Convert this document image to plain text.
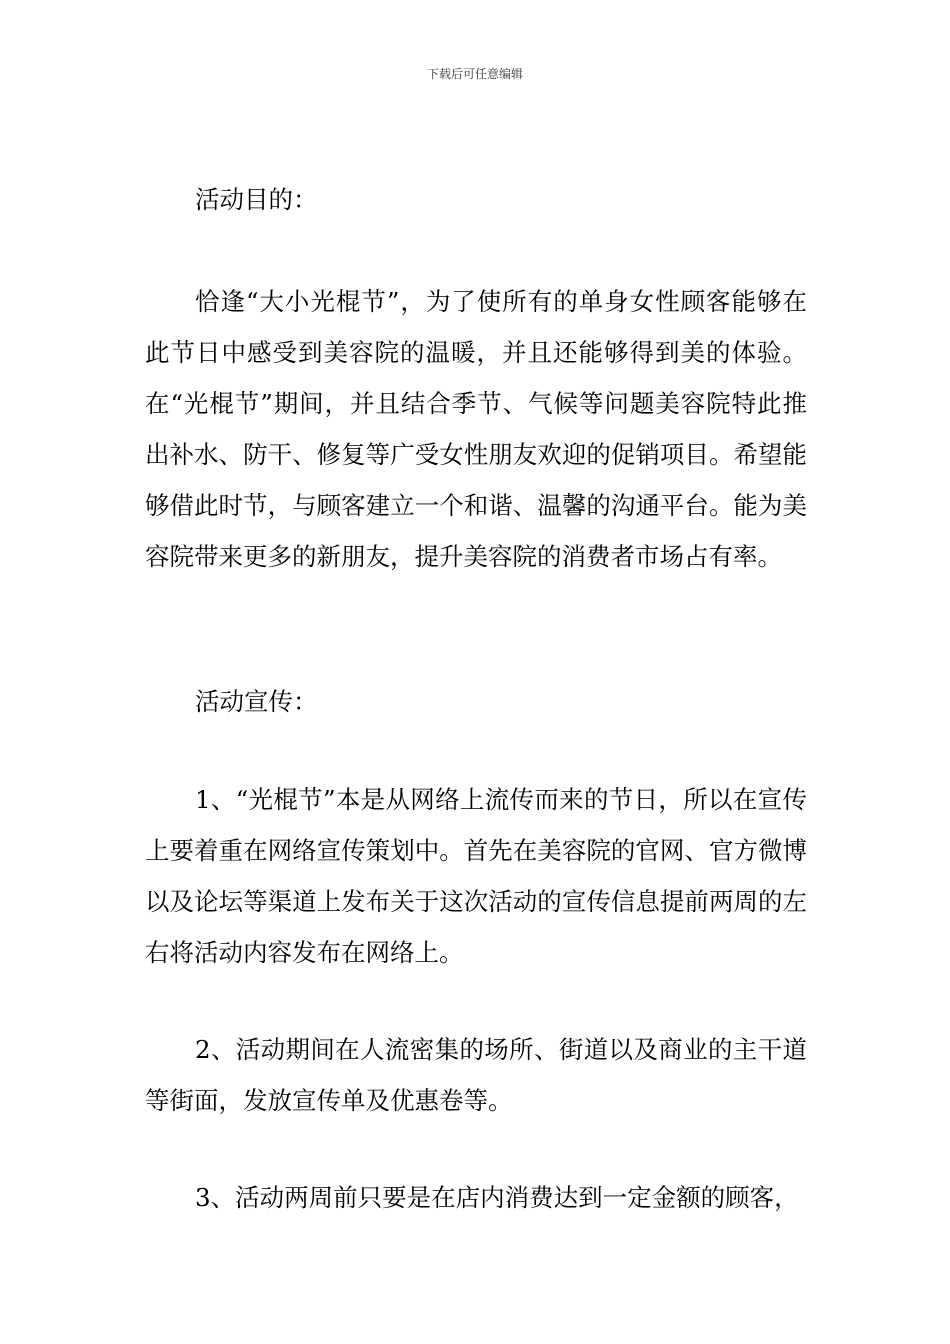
下载后可任意编辑

活动目的：

恰逢“大小光棍节”，为了使所有的单身女性顾客能够在此节日中感受到美容院的温暖，并且还能够得到美的体验。在“光棍节”期间，并且结合季节、气候等问题美容院特此推出补水、防干、修复等广受女性朋友欢迎的促销项目。希望能够借此时节，与顾客建立一个和谐、温馨的沟通平台。能为美容院带来更多的新朋友，提升美容院的消费者市场占有率。

活动宣传：

1、“光棍节”本是从网络上流传而来的节日，所以在宣传上要着重在网络宣传策划中。首先在美容院的官网、官方微博以及论坛等渠道上发布关于这次活动的宣传信息提前两周的左右将活动内容发布在网络上。

2、活动期间在人流密集的场所、街道以及商业的主干道等街面，发放宣传单及优惠卷等。

3、活动两周前只要是在店内消费达到一定金额的顾客，
